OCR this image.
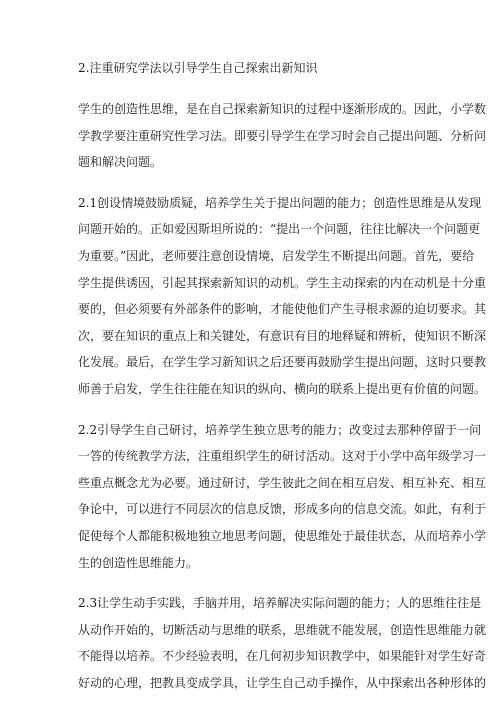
2.注重研究学法以引导学生自己探索出新知识
学生的创造性思维，是在自己探索新知识的过程中逐渐形成的。因此，小学数
学教学要注重研究性学习法。即要引导学生在学习时会自己提出问题、分析问
题和解决问题。
2.1创设情境鼓励质疑，培养学生关于提出问题的能力；创造性思维是从发现
问题开始的。正如爱因斯坦所说的：“提出一个问题，往往比解决一个问题更
为重要。”因此，老师要注意创设情境，启发学生不断提出问题。首先，要给
学生提供诱因，引起其探索新知识的动机。学生主动探索的内在动机是十分重
要的，但必须要有外部条件的影响，才能使他们产生寻根求源的迫切要求。其
次，要在知识的重点上和关键处，有意识有目的地释疑和辨析，使知识不断深
化发展。最后，在学生学习新知识之后还要再鼓励学生提出问题，这时只要教
师善于启发，学生往往能在知识的纵向、横向的联系上提出更有价值的问题。
2.2引导学生自己研讨，培养学生独立思考的能力；改变过去那种停留于一问
一答的传统教学方法，注重组织学生的研讨活动。这对于小学中高年级学习一
些重点概念尤为必要。通过研讨，学生彼此之间在相互启发、相互补充、相互
争论中，可以进行不同层次的信息反馈，形成多向的信息交流。如此，有利于
促使每个人都能积极地独立地思考问题，使思维处于最佳状态，从而培养小学
生的创造性思维能力。
2.3让学生动手实践，手脑并用，培养解决实际问题的能力；人的思维往往是
从动作开始的，切断活动与思维的联系，思维就不能发展，创造性思维能力就
不能得以培养。不少经验表明，在几何初步知识教学中，如果能针对学生好奇
好动的心理，把教具变成学具，让学生自己动手操作，从中探索出各种形体的
